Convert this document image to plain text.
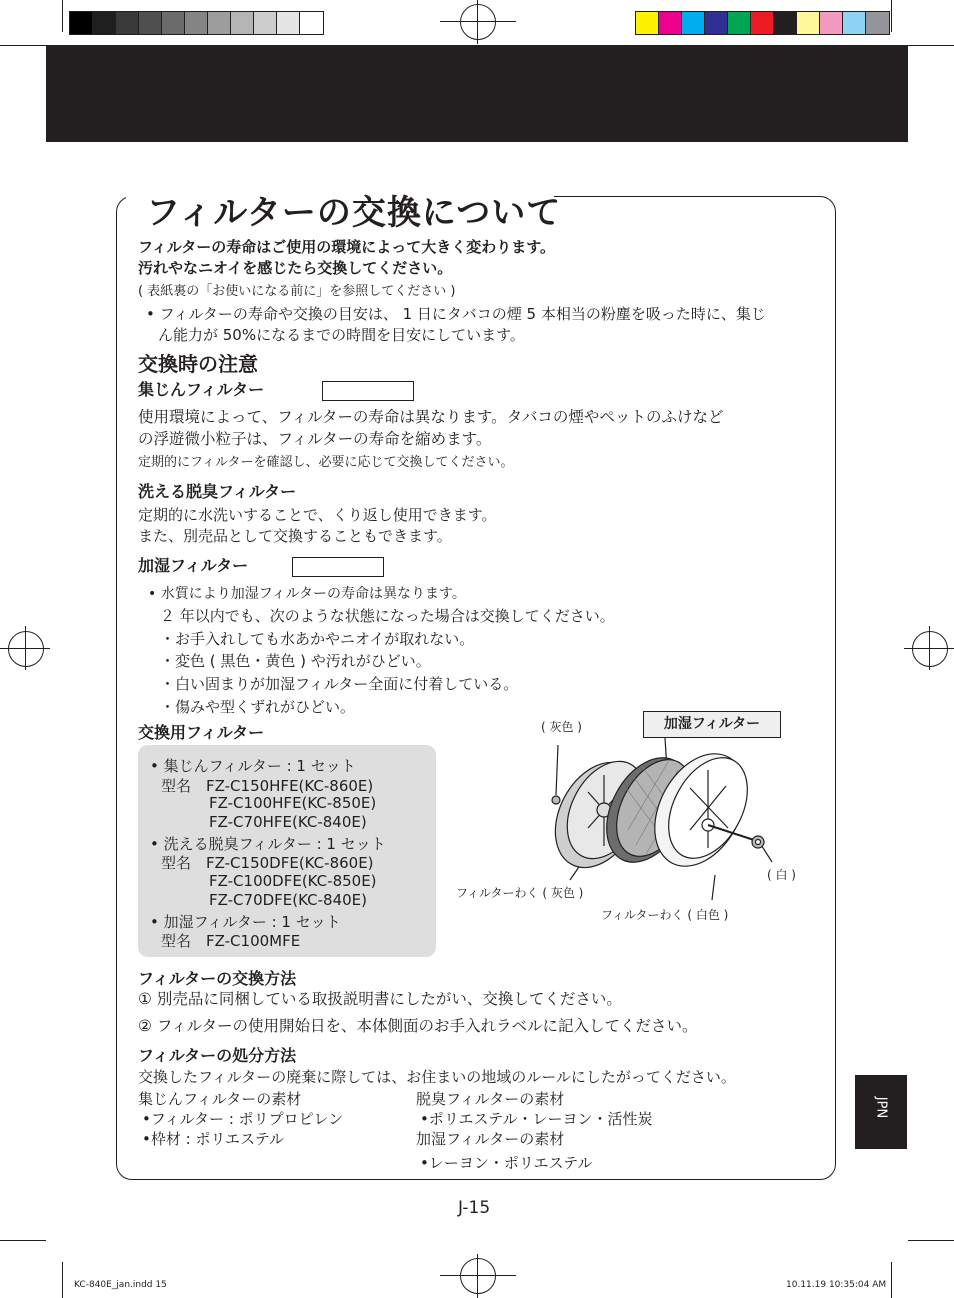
フィルターの交換について
フィルターの寿命はご使用の環境によって大きく変わります。
汚れやなニオイを感じたら交換してください。
( 表紙裏の「お使いになる前に」を参照してください )
• フィルターの寿命や交換の目安は、 1 日にタバコの煙 5 本相当の粉塵を吸った時に、集じ
ん能力が 50%になるまでの時間を目安にしています。
交換時の注意
集じんフィルター
使用環境によって、フィルターの寿命は異なります。タバコの煙やペットのふけなど
の浮遊微小粒子は、フィルターの寿命を縮めます。
定期的にフィルターを確認し、必要に応じて交換してください。
洗える脱臭フィルター
定期的に水洗いすることで、くり返し使用できます。
また、別売品として交換することもできます。
加湿フィルター
• 水質により加湿フィルターの寿命は異なります。
２ 年以内でも、次のような状態になった場合は交換してください。
・お手入れしても水あかやニオイが取れない。
・変色 ( 黒色・黄色 ) や汚れがひどい。
・白い固まりが加湿フィルター全面に付着している。
・傷みや型くずれがひどい。
交換用フィルター
• 集じんフィルター : 1 セット
型名　FZ-C150HFE(KC-860E)
FZ-C100HFE(KC-850E)
FZ-C70HFE(KC-840E)
• 洗える脱臭フィルター : 1 セット
型名　FZ-C150DFE(KC-860E)
FZ-C100DFE(KC-850E)
FZ-C70DFE(KC-840E)
• 加湿フィルター : 1 セット
型名　FZ-C100MFE
( 灰色 )	加湿フィルター
( 白 )
フィルターわく ( 灰色 )
フィルターわく ( 白色 )
フィルターの交換方法
① 別売品に同梱している取扱説明書にしたがい、交換してください。
② フィルターの使用開始日を、本体側面のお手入れラベルに記入してください。
フィルターの処分方法
交換したフィルターの廃棄に際しては、お住まいの地域のルールにしたがってください。
集じんフィルターの素材
•フィルター : ポリプロピレン
•枠材 : ポリエステル
脱臭フィルターの素材
•ポリエステル・レーヨン・活性炭
加湿フィルターの素材
•レーヨン・ポリエステル
JPN
J-15
KC-840E_jan.indd 15	10.11.19 10:35:04 AM
